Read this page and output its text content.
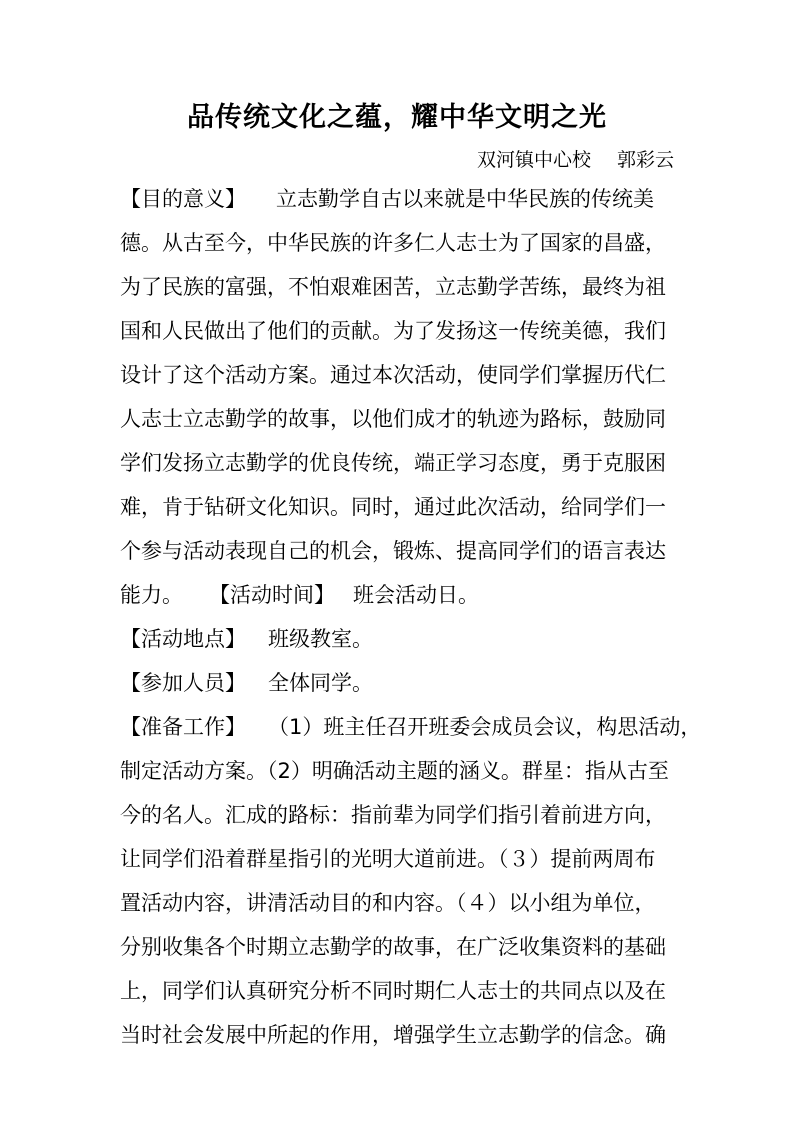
品传统文化之蕴，耀中华文明之光
双河镇中心校 郭彩云
【目的意义】 立志勤学自古以来就是中华民族的传统美
德。从古至今，中华民族的许多仁人志士为了国家的昌盛，
为了民族的富强，不怕艰难困苦，立志勤学苦练，最终为祖
国和人民做出了他们的贡献。为了发扬这一传统美德，我们
设计了这个活动方案。通过本次活动，使同学们掌握历代仁
人志士立志勤学的故事，以他们成才的轨迹为路标，鼓励同
学们发扬立志勤学的优良传统，端正学习态度，勇于克服困
难，肯于钻研文化知识。同时，通过此次活动，给同学们一
个参与活动表现自己的机会，锻炼、提高同学们的语言表达
能力。 【活动时间】 班会活动日。
【活动地点】 班级教室。
【参加人员】 全体同学。
【准备工作】 （1）班主任召开班委会成员会议，构思活动，
制定活动方案。（2）明确活动主题的涵义。群星：指从古至
今的名人。汇成的路标：指前辈为同学们指引着前进方向，
让同学们沿着群星指引的光明大道前进。（３）提前两周布
置活动内容，讲清活动目的和内容。（４）以小组为单位，
分别收集各个时期立志勤学的故事，在广泛收集资料的基础
上，同学们认真研究分析不同时期仁人志士的共同点以及在
当时社会发展中所起的作用，增强学生立志勤学的信念。确
